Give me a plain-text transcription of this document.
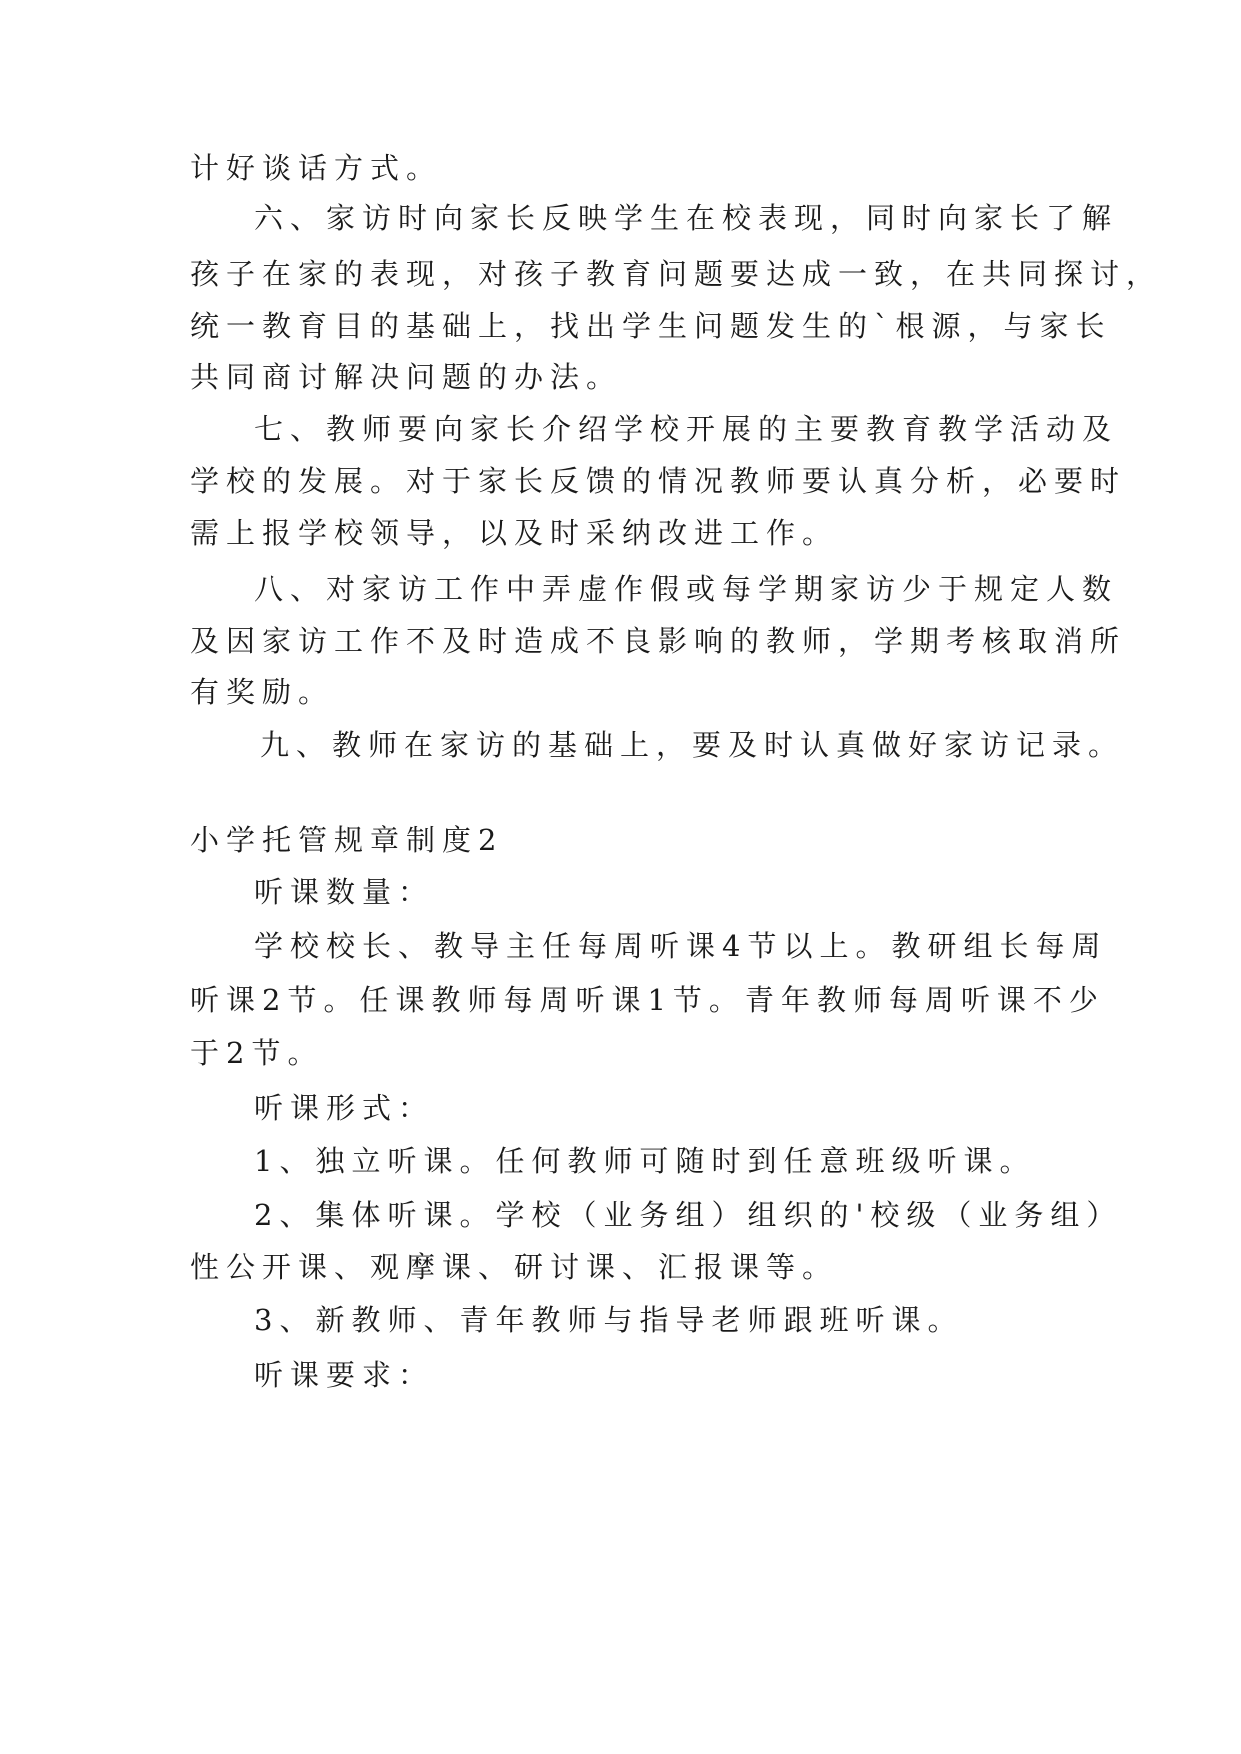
计好谈话方式。
六、家访时向家长反映学生在校表现，同时向家长了解
孩子在家的表现，对孩子教育问题要达成一致，在共同探讨，
统一教育目的基础上，找出学生问题发生的`根源，与家长
共同商讨解决问题的办法。
七、教师要向家长介绍学校开展的主要教育教学活动及
学校的发展。对于家长反馈的情况教师要认真分析，必要时
需上报学校领导，以及时采纳改进工作。
八、对家访工作中弄虚作假或每学期家访少于规定人数
及因家访工作不及时造成不良影响的教师，学期考核取消所
有奖励。
九、教师在家访的基础上，要及时认真做好家访记录。
小学托管规章制度2
听课数量：
学校校长、教导主任每周听课4节以上。教研组长每周
听课2节。任课教师每周听课1节。青年教师每周听课不少
于2节。
听课形式：
1、独立听课。任何教师可随时到任意班级听课。
2、集体听课。学校（业务组）组织的'校级（业务组）
性公开课、观摩课、研讨课、汇报课等。
3、新教师、青年教师与指导老师跟班听课。
听课要求：
